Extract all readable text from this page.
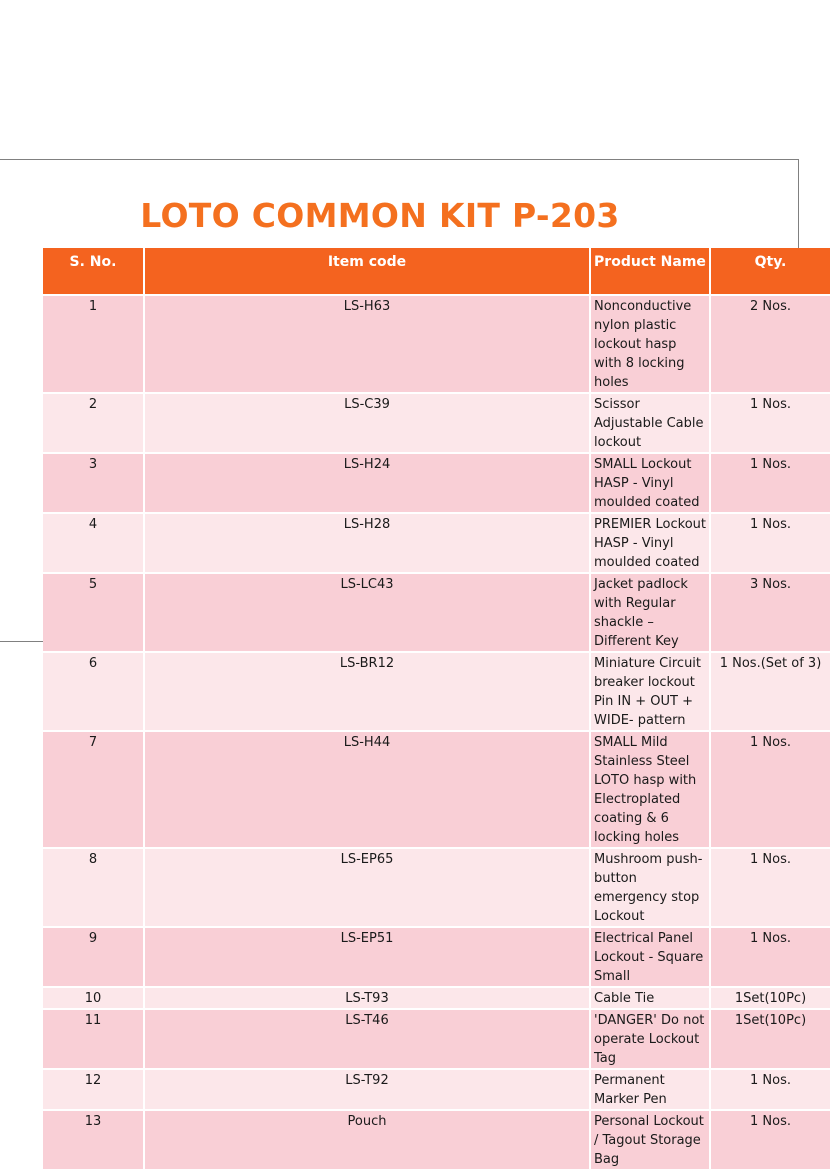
LOTO COMMON KIT P-203
S. No.	Item code	Product Name	Qty.
1	LS-H63	Nonconductive nylon plastic lockout hasp with 8 locking holes	2 Nos.
2	LS-C39	Scissor Adjustable Cable lockout	1 Nos.
3	LS-H24	SMALL Lockout HASP - Vinyl moulded coated	1 Nos.
4	LS-H28	PREMIER Lockout HASP - Vinyl moulded coated	1 Nos.
5	LS-LC43	Jacket padlock with Regular shackle – Different Key	3 Nos.
6	LS-BR12	Miniature Circuit breaker lockout Pin IN + OUT + WIDE- pattern	1 Nos.(Set of 3)
7	LS-H44	SMALL Mild Stainless Steel LOTO hasp with Electroplated coating & 6 locking holes	1 Nos.
8	LS-EP65	Mushroom push-button emergency stop Lockout	1 Nos.
9	LS-EP51	Electrical Panel Lockout - Square Small	1 Nos.
10	LS-T93	Cable Tie	1Set(10Pc)
11	LS-T46	'DANGER' Do not operate Lockout Tag	1Set(10Pc)
12	LS-T92	Permanent Marker Pen	1 Nos.
13	Pouch	Personal Lockout / Tagout Storage Bag	1 Nos.
